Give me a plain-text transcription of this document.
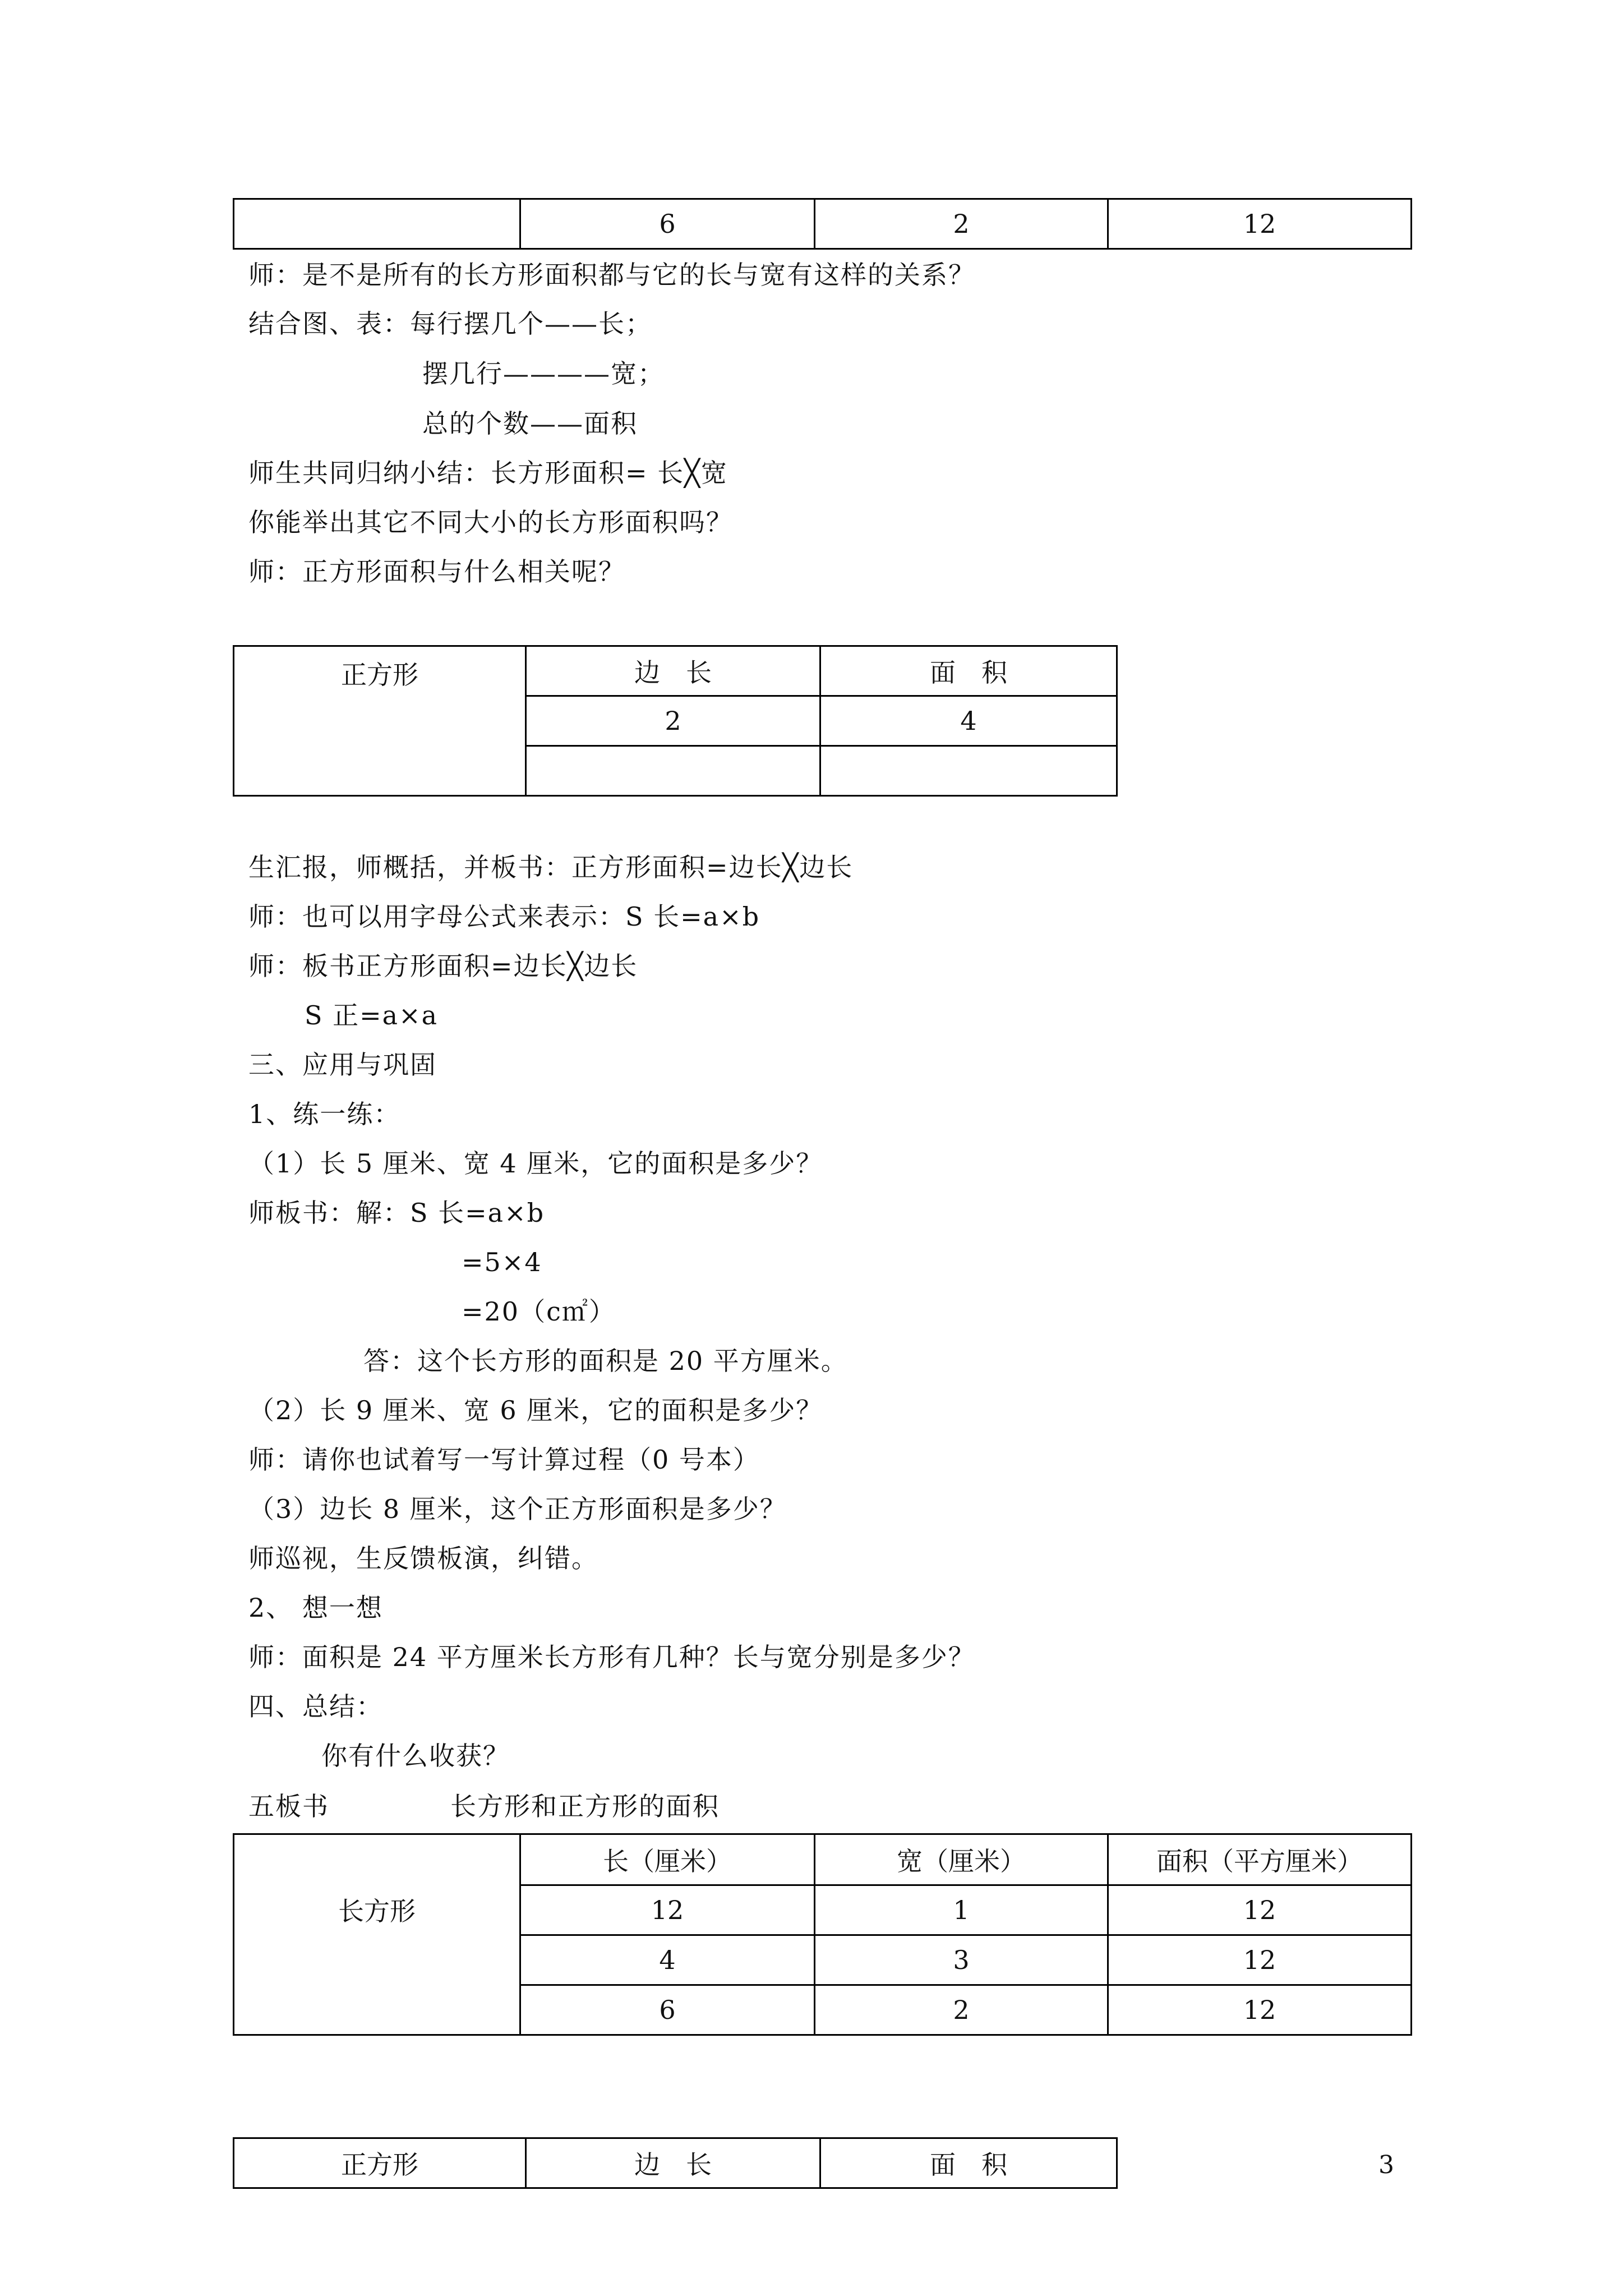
	6	2	12
师：是不是所有的长方形面积都与它的长与宽有这样的关系？
结合图、表：每行摆几个——长；
摆几行————宽；
总的个数——面积
师生共同归纳小结：长方形面积= 长╳宽
你能举出其它不同大小的长方形面积吗？
师：正方形面积与什么相关呢？
正方形	边　长	面　积
	2	4

生汇报，师概括，并板书：正方形面积=边长╳边长
师：也可以用字母公式来表示：S 长=a×b
师：板书正方形面积=边长╳边长
S 正=a×a
三、应用与巩固
1、练一练：
（1）长 5 厘米、宽 4 厘米，它的面积是多少？
师板书：解：S 长=a×b
=5×4
=20（c㎡）
答：这个长方形的面积是 20 平方厘米。
（2）长 9 厘米、宽 6 厘米，它的面积是多少？
师：请你也试着写一写计算过程（0 号本）
（3）边长 8 厘米，这个正方形面积是多少？
师巡视，生反馈板演，纠错。
2、 想一想
师：面积是 24 平方厘米长方形有几种？长与宽分别是多少？
四、总结：
你有什么收获？
五板书	长方形和正方形的面积
长方形	长（厘米）	宽（厘米）	面积（平方厘米）
	12	1	12
	4	3	12
	6	2	12
正方形	边　长	面　积	3
